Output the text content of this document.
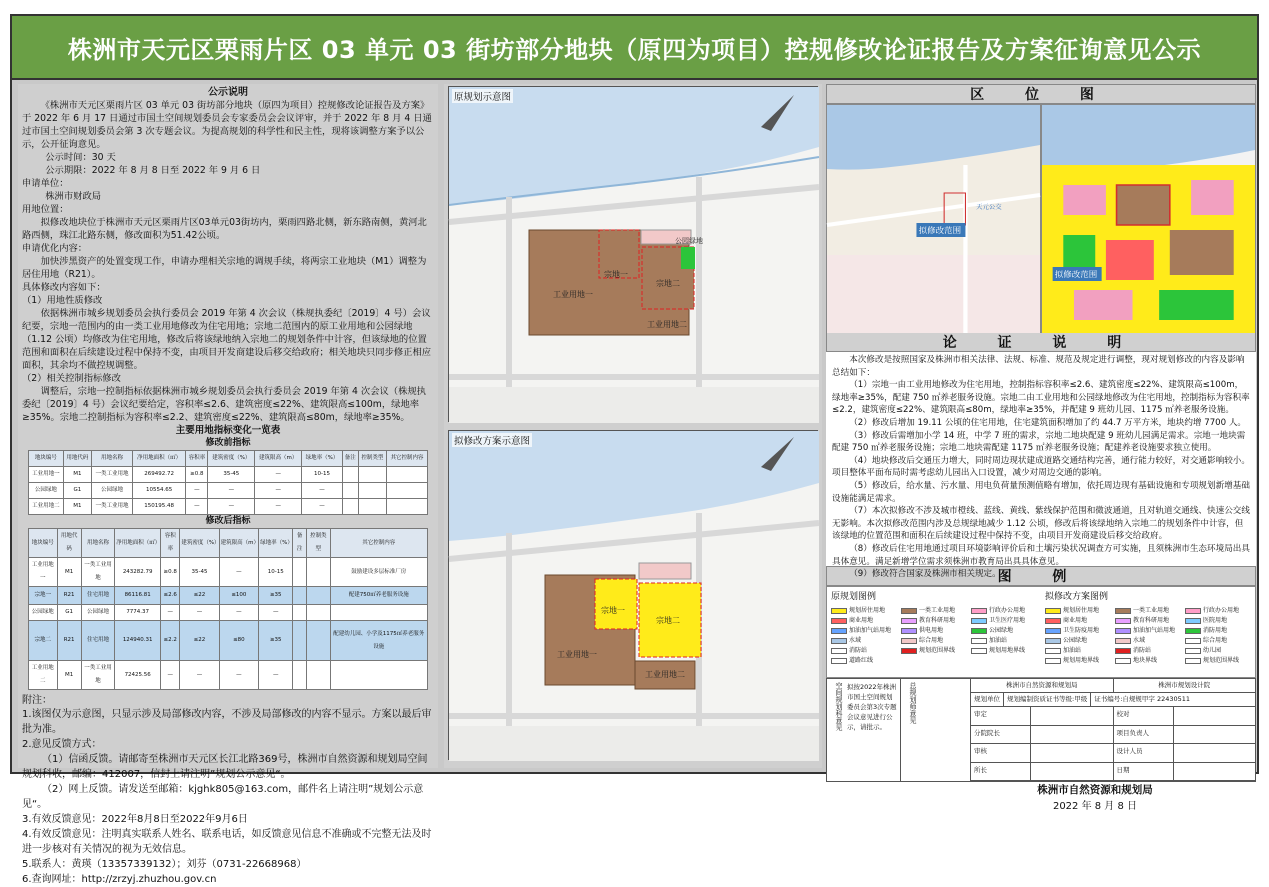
株洲市天元区栗雨片区 03 单元 03 街坊部分地块（原四为项目）控规修改论证报告及方案征询意见公示

公示说明

《株洲市天元区栗雨片区 03 单元 03 街坊部分地块（原四为项目）控规修改论证报告及方案》于 2022 年 6 月 17 日通过市国土空间规划委员会专家委员会会议评审，并于 2022 年 8 月 4 日通过市国土空间规划委员会第 3 次专题会议。为提高规划的科学性和民主性，现将该调整方案予以公示，公开征询意见。

公示时间：30 天

公示期限：2022 年 8 月 8 日至 2022 年 9 月 6 日

申请单位：

株洲市财政局

用地位置：

拟修改地块位于株洲市天元区栗雨片区03单元03街坊内，栗雨四路北侧，新东路南侧，黄河北路西侧，珠江北路东侧，修改面积为51.42公顷。

申请优化内容：

加快涉黑资产的处置变现工作，申请办理相关宗地的调规手续，将两宗工业地块（M1）调整为居住用地（R21）。

具体修改内容如下：

（1）用地性质修改

依据株洲市城乡规划委员会执行委员会 2019 年第 4 次会议（株规执委纪〔2019〕4 号）会议纪要，宗地一范围内的由一类工业用地修改为住宅用地；宗地二范围内的原工业用地和公园绿地（1.12 公顷）均修改为住宅用地，修改后将该绿地纳入宗地二的规划条件中计容，但该绿地的位置范围和面积在后续建设过程中保持不变，由项目开发商建设后移交给政府；相关地块只同步修正相应面积，其余均不做控规调整。

（2）相关控制指标修改

调整后，宗地一控制指标依据株洲市城乡规划委员会执行委员会 2019 年第 4 次会议（株规执委纪〔2019〕4 号）会议纪要给定，容积率≤2.6、建筑密度≤22%、建筑限高≤100m，绿地率≥35%。宗地二控制指标为容积率≤2.2、建筑密度≤22%、建筑限高≤80m，绿地率≥35%。

主要用地指标变化一览表

修改前指标

地块编号	用地代码	用地名称	净用地面积（㎡）	容积率	建筑密度（%）	建筑限高（m）	绿地率（%）	备注	控制类型	其它控制内容
工业用地一	M1	一类工业用地	269492.72	≥0.8	35-45	—	10-15			
公园绿地	G1	公园绿地	10554.65	—	—	—	—			
工业用地二	M1	一类工业用地	150195.48	—	—	—	—			

修改后指标

地块编号	用地代码	用地名称	净用地面积（㎡）	容积率	建筑密度（%）	建筑限高（m）	绿地率（%）	备注	控制类型	其它控制内容
工业用地一	M1	一类工业用地	243282.79	≥0.8	35-45	—	10-15			鼓励建设多层标准厂房
宗地一	R21	住宅用地	86116.81	≤2.6	≤22	≤100	≥35			配建750㎡养老服务设施
公园绿地	G1	公园绿地	7774.37	—	—	—	—			
宗地二	R21	住宅用地	124940.31	≤2.2	≤22	≤80	≥35			配建幼儿园、小学及1175㎡养老服务设施
工业用地二	M1	一类工业用地	72425.56	—	—	—	—			

附注：

1.该图仅为示意图，只显示涉及局部修改内容，不涉及局部修改的内容不显示。方案以最后审批为准。

2.意见反馈方式：

（1）信函反馈。请邮寄至株洲市天元区长江北路369号，株洲市自然资源和规划局空间规划科收，邮编：412007，信封上请注明”规划公示意见“。

（2）网上反馈。请发送至邮箱：kjghk805@163.com，邮件名上请注明”规划公示意见“。

3.有效反馈意见：2022年8月8日至2022年9月6日

4.有效反馈意见：注明真实联系人姓名、联系电话，如反馈意见信息不准确或不完整无法及时进一步核对有关情况的视为无效信息。

5.联系人：黄瑛（13357339132）；刘芬（0731-22668968）

6.查询网址：http://zrzyj.zhuzhou.gov.cn

原规划示意图
工业用地一
宗地一
宗地二
工业用地二
公园绿地
拟修改方案示意图
工业用地一
宗地一
宗地二
工业用地二
区 位 图
拟修改范围
天元公交
拟修改范围
论 证 说 明

本次修改是按照国家及株洲市相关法律、法规、标准、规范及规定进行调整，现对规划修改的内容及影响总结如下：

（1）宗地一由工业用地修改为住宅用地，控制指标容积率≤2.6、建筑密度≤22%、建筑限高≤100m，绿地率≥35%，配建 750 ㎡养老服务设施。宗地二由工业用地和公园绿地修改为住宅用地，控制指标为容积率≤2.2，建筑密度≤22%、建筑限高≤80m，绿地率≥35%，并配建 9 班幼儿园、1175 ㎡养老服务设施。

（2）修改后增加 19.11 公顷的住宅用地，住宅建筑面积增加了约 44.7 万平方米，地块约增 7700 人。

（3）修改后需增加小学 14 班，中学 7 班的需求，宗地二地块配建 9 班幼儿园满足需求。宗地一地块需配建 750 ㎡养老服务设施；宗地二地块需配建 1175 ㎡养老服务设施；配建养老设施要求独立使用。

（4）地块修改后交通压力增大，同时周边现状建成道路交通结构完善，通行能力较好，对交通影响较小。项目整体平面布局时需考虑幼儿园出入口设置，减少对周边交通的影响。

（5）修改后，给水量、污水量、用电负荷量预测值略有增加，依托周边现有基础设施和专项规划新增基础设施能满足需求。

（7）本次拟修改不涉及城市橙线、蓝线、黄线、紫线保护范围和微波通道，且对轨道交通线、快速公交线无影响。本次拟修改范围内涉及总规绿地减少 1.12 公顷，修改后将该绿地纳入宗地二的规划条件中计容，但该绿地的位置范围和面积在后续建设过程中保持不变，由项目开发商建设后移交给政府。

（8）修改后住宅用地通过项目环境影响评价后和土壤污染状况调查方可实施，且须株洲市生态环境局出具具体意见。满足新增学位需求须株洲市教育局出具具体意见。

（9）修改符合国家及株洲市相关规定。

图 例
原规划图例
规划居住用地	一类工业用地	行政办公用地
商业用地	教育科研用地	卫生医疗用地
加油加气站用地	供电用地	公园绿地
水域	综合用地	加油站
消防站	规划范围界线	规划用地界线
道路红线
拟修改方案图例
规划居住用地	一类工业用地	行政办公用地
商业用地	教育科研用地	医院用地
卫生防疫用地	加油加气站用地	消防用地
公园绿地	水域	综合用地
加油站	消防站	幼儿园
规划用地界线	地块界线	规划范围界线
空间规划科意见 拟按2022年株洲市国土空间规划委员会第3次专题会议意见进行公示，请批示。
总规划师意见	株洲市自然资源和规划局	株洲市规划设计院
规划单位	规划编制资质证书等级:甲级	证书编号:自规规甲字 22430511
审定	校对
分院院长	项目负责人
审核	设计人员
所长	日期
株洲市自然资源和规划局
2022 年 8 月 8 日
